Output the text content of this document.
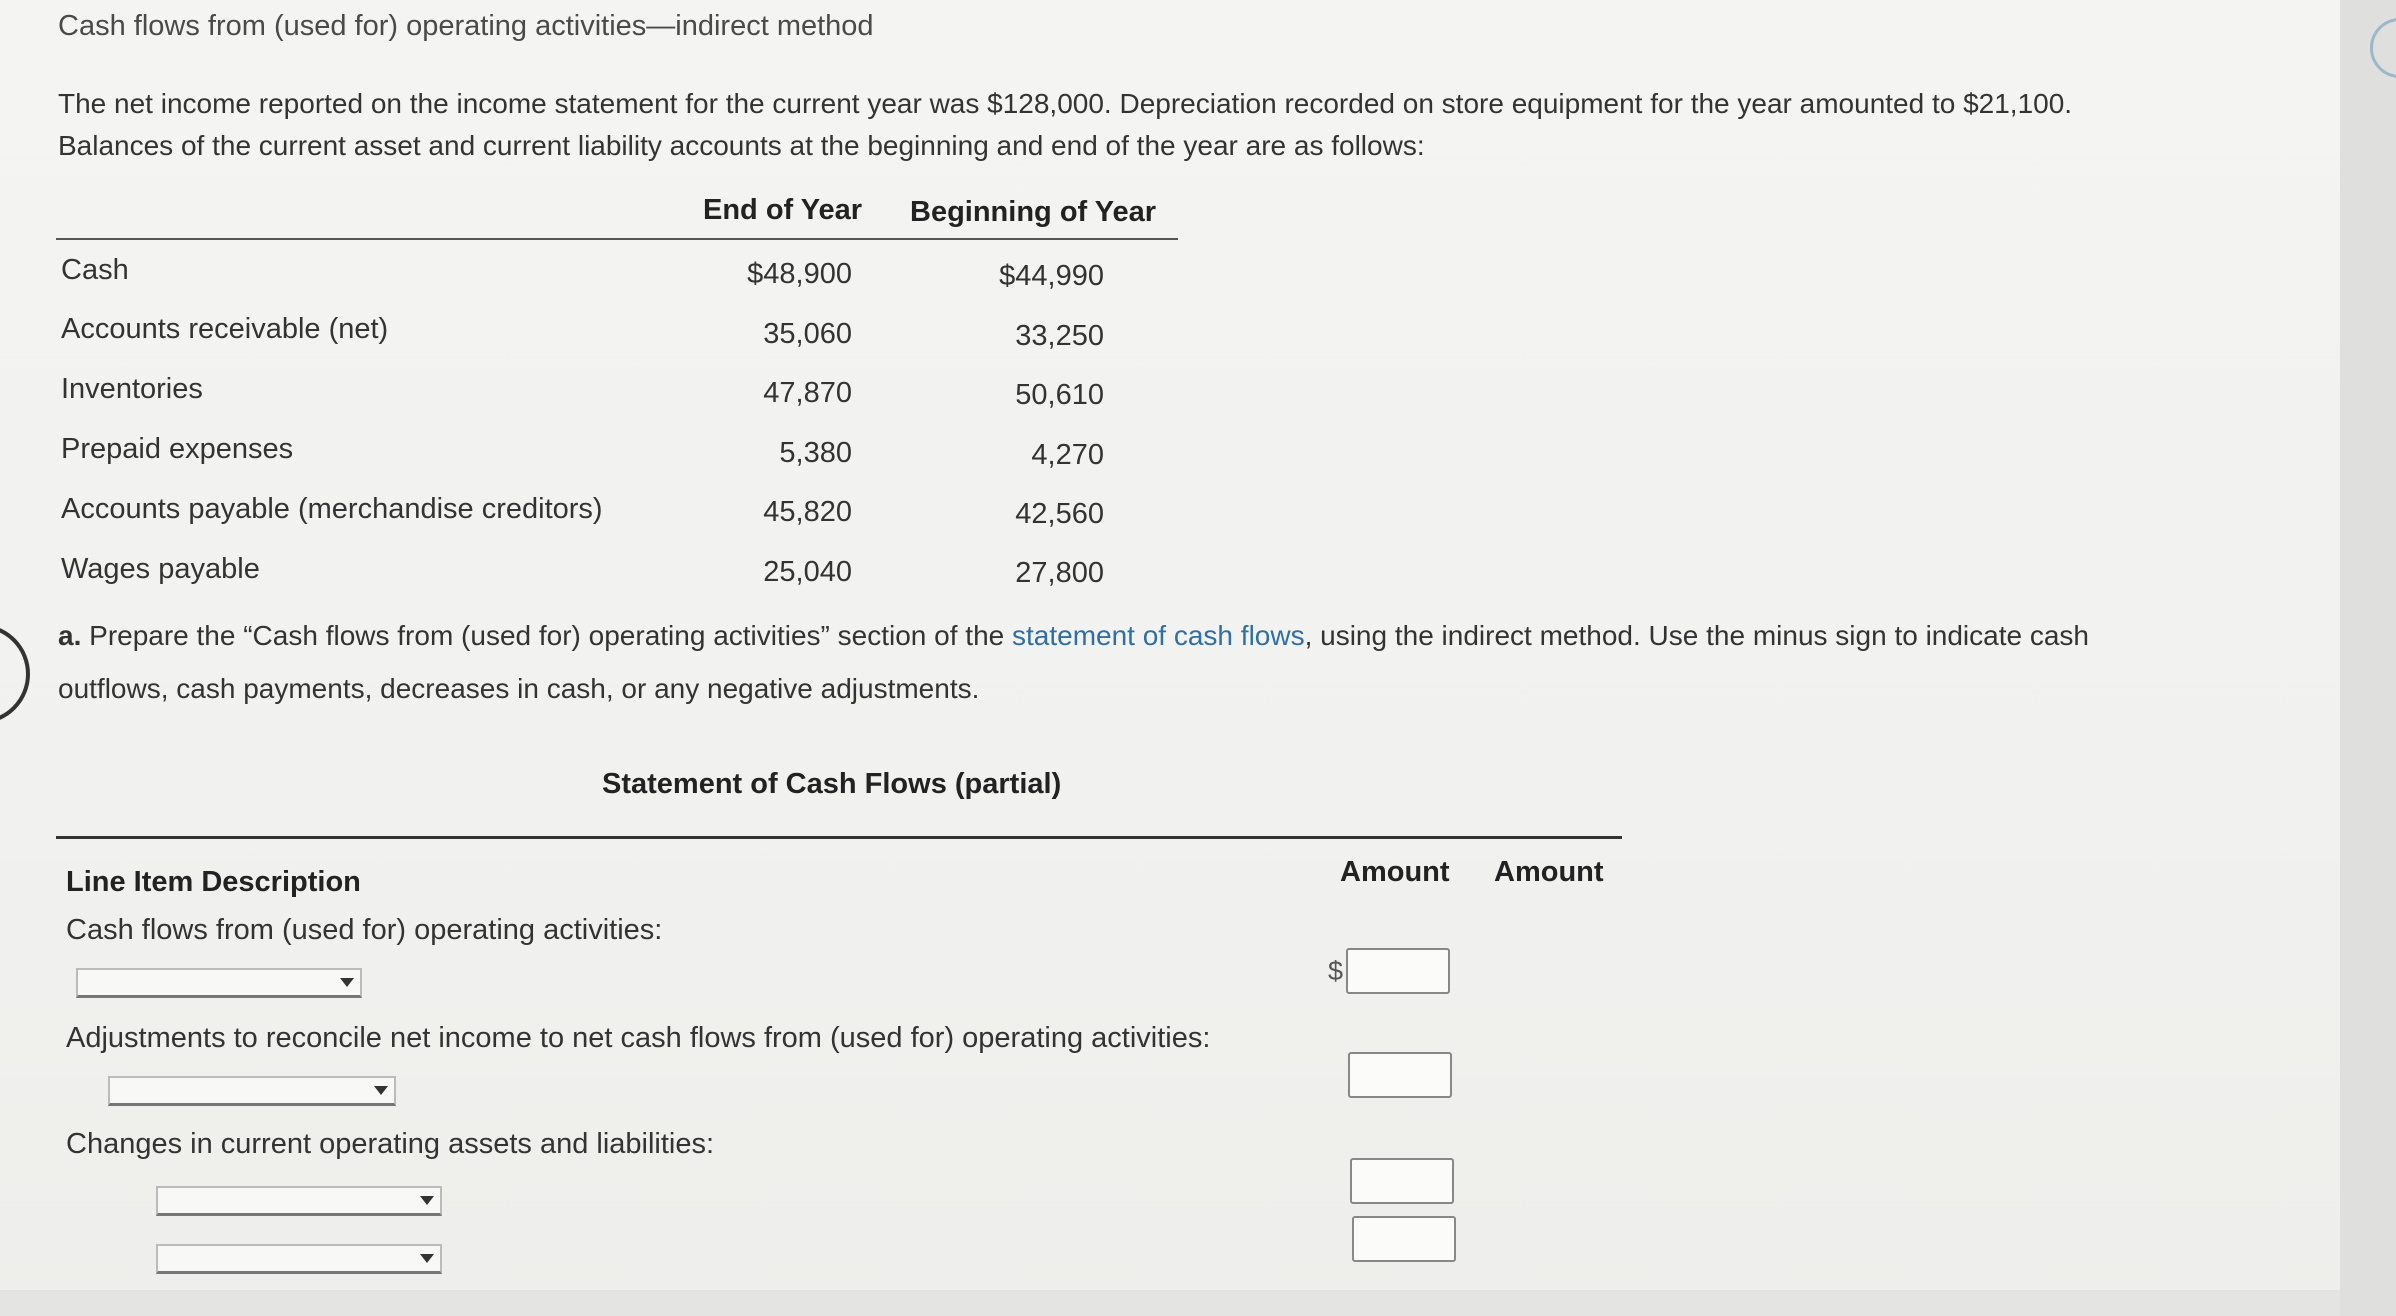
Cash flows from (used for) operating activities—indirect method
The net income reported on the income statement for the current year was $128,000. Depreciation recorded on store equipment for the year amounted to $21,100.
Balances of the current asset and current liability accounts at the beginning and end of the year are as follows:
End of Year Beginning of Year
Cash	$48,900	$44,990
Accounts receivable (net)	35,060	33,250
Inventories	47,870	50,610
Prepaid expenses	5,380	4,270
Accounts payable (merchandise creditors)	45,820	42,560
Wages payable	25,040	27,800
a. Prepare the “Cash flows from (used for) operating activities” section of the statement of cash flows, using the indirect method. Use the minus sign to indicate cash
outflows, cash payments, decreases in cash, or any negative adjustments.
Statement of Cash Flows (partial)
Line Item Description	Amount Amount
Cash flows from (used for) operating activities:
$
Adjustments to reconcile net income to net cash flows from (used for) operating activities:
Changes in current operating assets and liabilities:
